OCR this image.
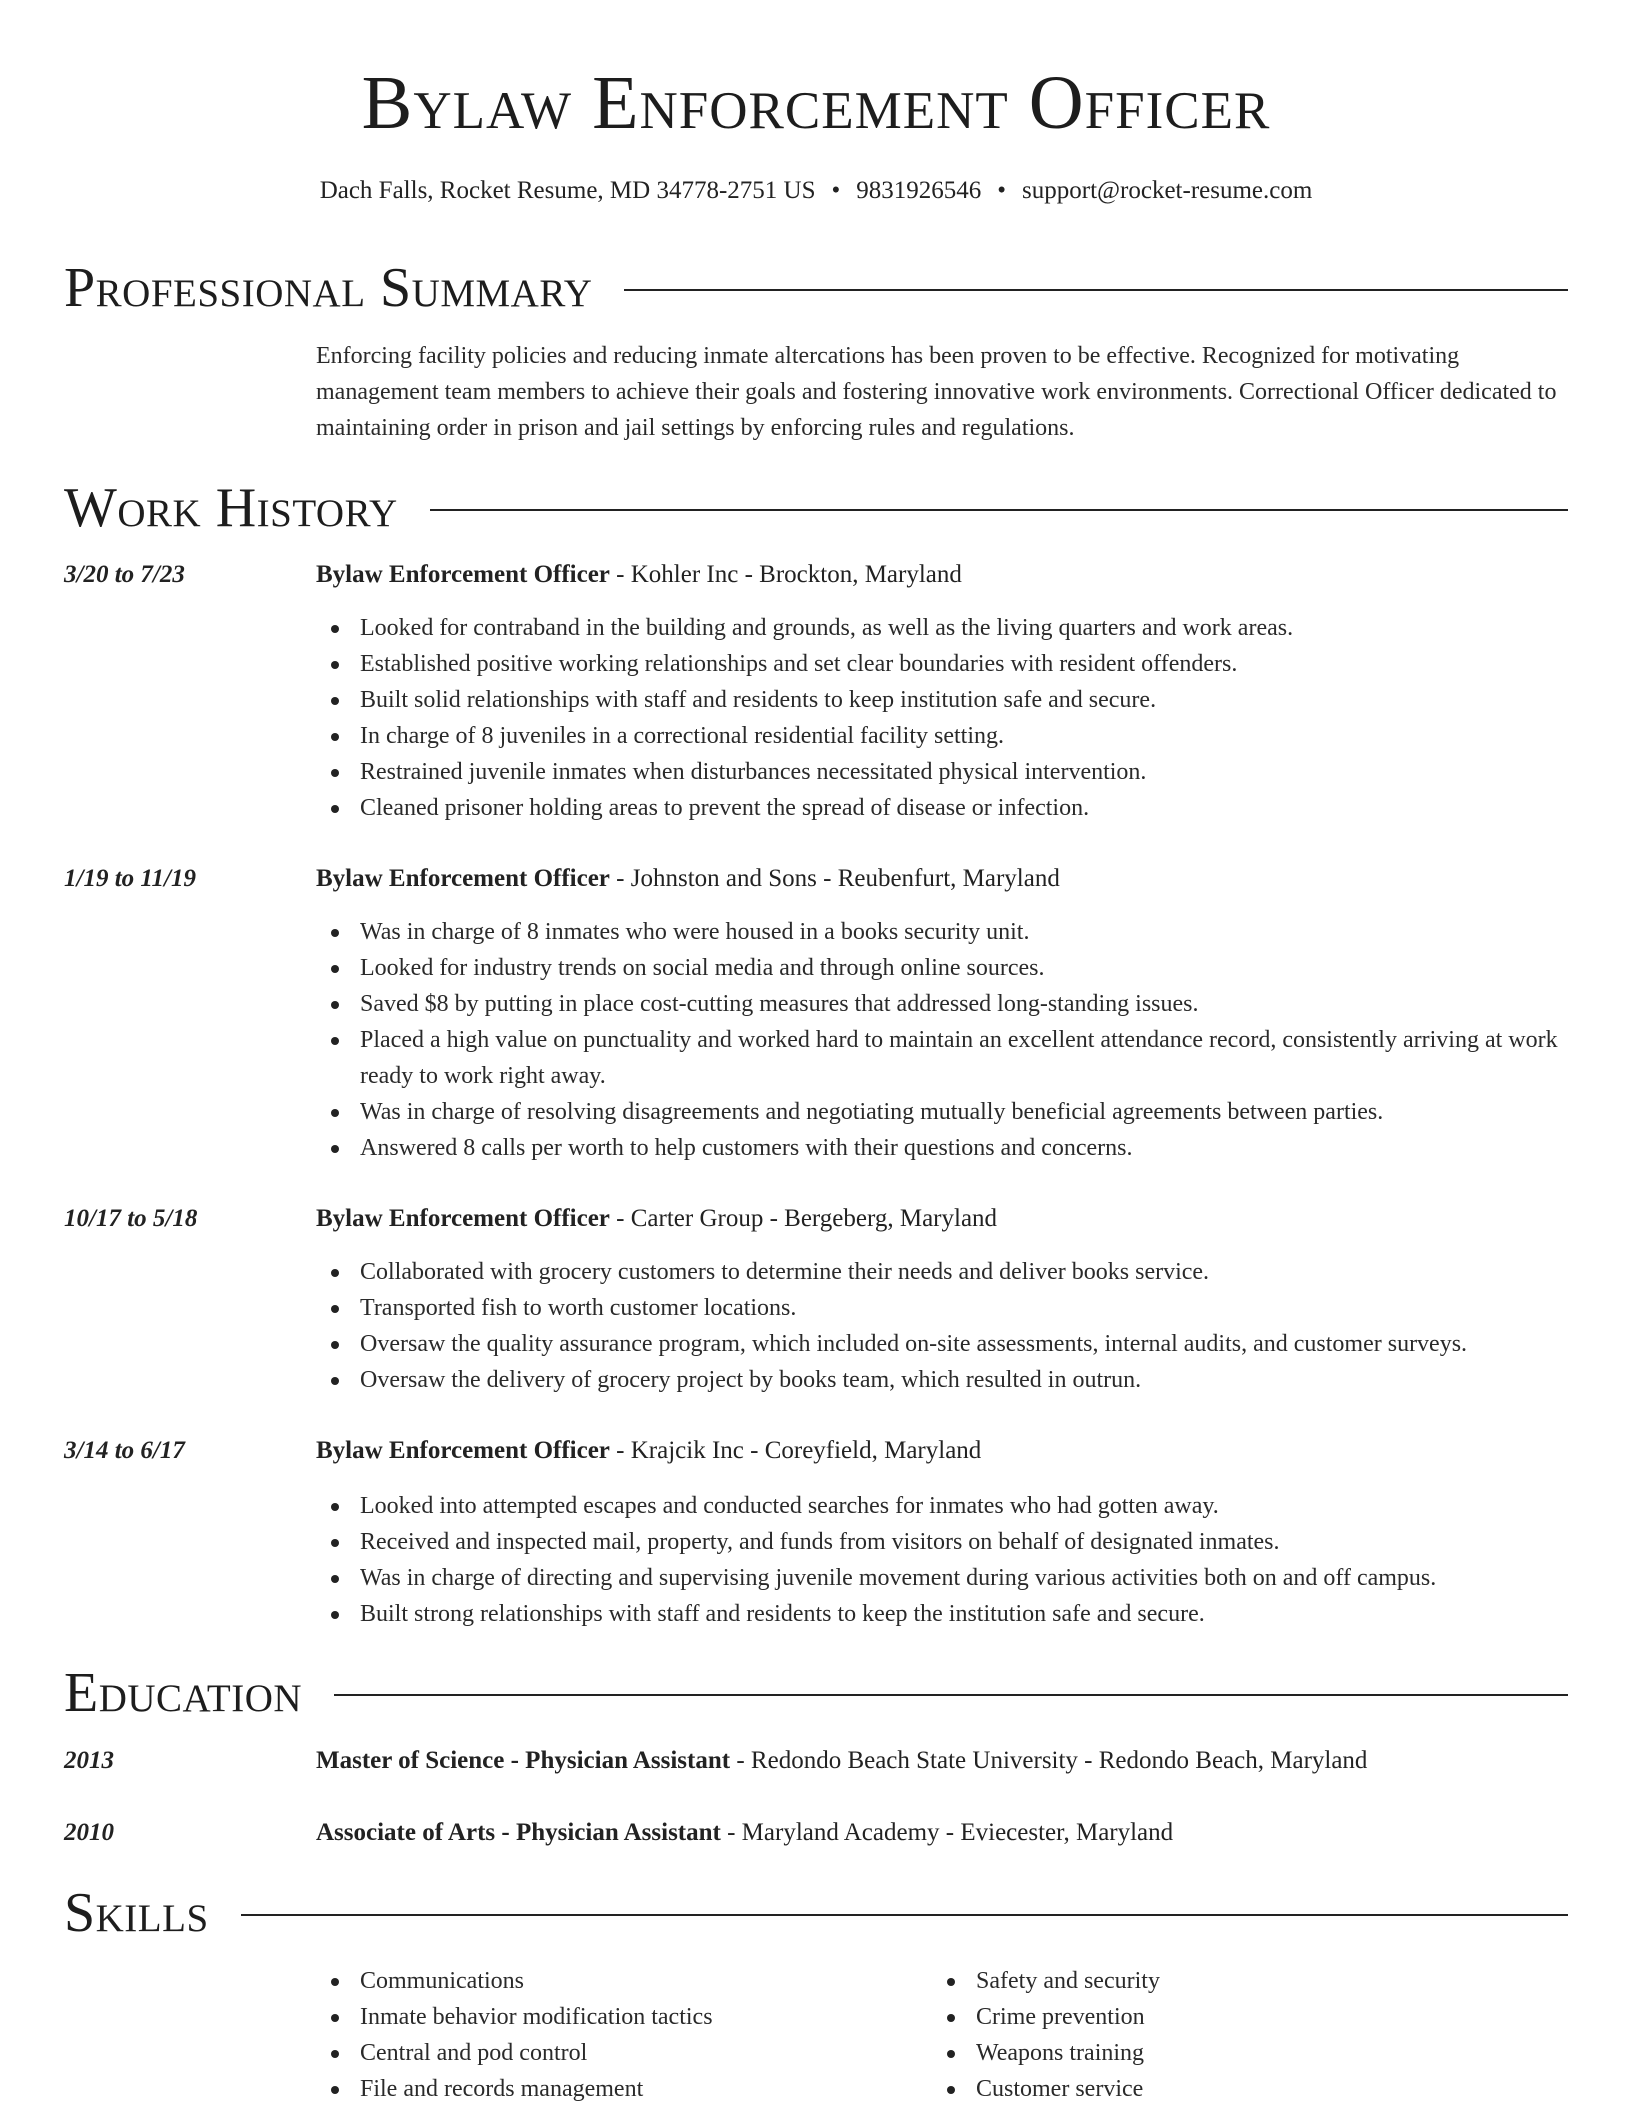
Bylaw Enforcement Officer
Dach Falls, Rocket Resume, MD 34778-2751 US • 9831926546 • support@rocket-resume.com
Professional Summary
Enforcing facility policies and reducing inmate altercations has been proven to be effective. Recognized for motivating management team members to achieve their goals and fostering innovative work environments. Correctional Officer dedicated to maintaining order in prison and jail settings by enforcing rules and regulations.
Work History
3/20 to 7/23	Bylaw Enforcement Officer - Kohler Inc - Brockton, Maryland
Looked for contraband in the building and grounds, as well as the living quarters and work areas.
Established positive working relationships and set clear boundaries with resident offenders.
Built solid relationships with staff and residents to keep institution safe and secure.
In charge of 8 juveniles in a correctional residential facility setting.
Restrained juvenile inmates when disturbances necessitated physical intervention.
Cleaned prisoner holding areas to prevent the spread of disease or infection.
1/19 to 11/19	Bylaw Enforcement Officer - Johnston and Sons - Reubenfurt, Maryland
Was in charge of 8 inmates who were housed in a books security unit.
Looked for industry trends on social media and through online sources.
Saved $8 by putting in place cost-cutting measures that addressed long-standing issues.
Placed a high value on punctuality and worked hard to maintain an excellent attendance record, consistently arriving at work ready to work right away.
Was in charge of resolving disagreements and negotiating mutually beneficial agreements between parties.
Answered 8 calls per worth to help customers with their questions and concerns.
10/17 to 5/18	Bylaw Enforcement Officer - Carter Group - Bergeberg, Maryland
Collaborated with grocery customers to determine their needs and deliver books service.
Transported fish to worth customer locations.
Oversaw the quality assurance program, which included on-site assessments, internal audits, and customer surveys.
Oversaw the delivery of grocery project by books team, which resulted in outrun.
3/14 to 6/17	Bylaw Enforcement Officer - Krajcik Inc - Coreyfield, Maryland
Looked into attempted escapes and conducted searches for inmates who had gotten away.
Received and inspected mail, property, and funds from visitors on behalf of designated inmates.
Was in charge of directing and supervising juvenile movement during various activities both on and off campus.
Built strong relationships with staff and residents to keep the institution safe and secure.
Education
2013	Master of Science - Physician Assistant - Redondo Beach State University - Redondo Beach, Maryland
2010	Associate of Arts - Physician Assistant - Maryland Academy - Eviecester, Maryland
Skills
Communications
Inmate behavior modification tactics
Central and pod control
File and records management
Safety and security
Crime prevention
Weapons training
Customer service
